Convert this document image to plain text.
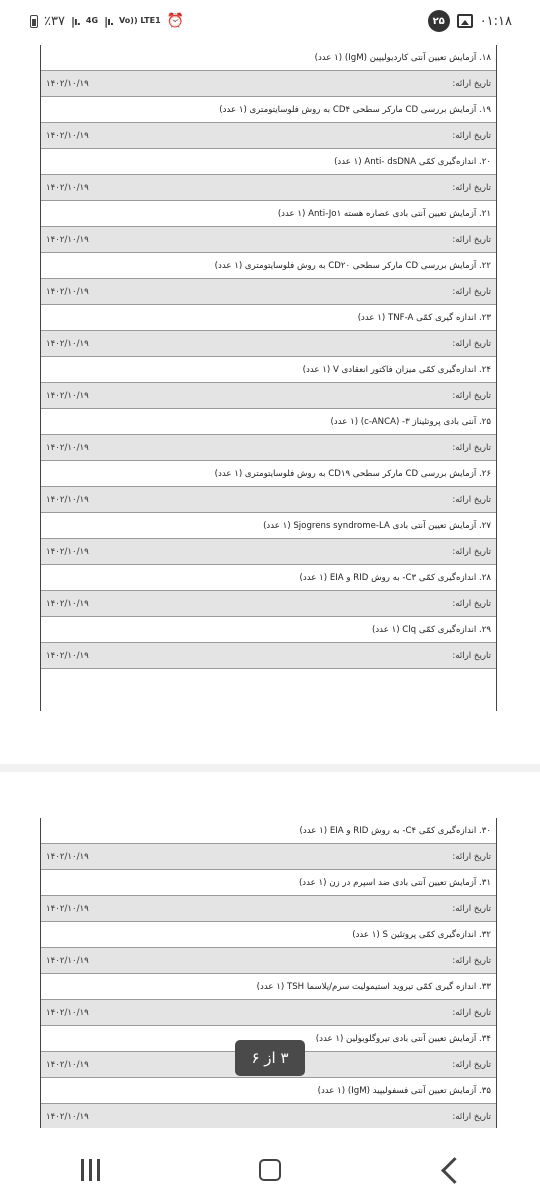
٪۳۷ |ı. 4G |ı. Vo)) LTE1 ⏰	۲۵	۰۱:۱۸
۱۸. آزمایش تعیین آنتی کاردیولیپین (IgM) (۱ عدد)
تاریخ ارائه:
۱۴۰۲/۱۰/۱۹
۱۹. آزمایش بررسی CD مارکر سطحی CD۴ به روش فلوسایتومتری (۱ عدد)
تاریخ ارائه:
۱۴۰۲/۱۰/۱۹
۲۰. اندازه‌گیری کمّی Anti- dsDNA (۱ عدد)
تاریخ ارائه:
۱۴۰۲/۱۰/۱۹
۲۱. آزمایش تعیین آنتی بادی عصاره هسته Anti-Jo۱ (۱ عدد)
تاریخ ارائه:
۱۴۰۲/۱۰/۱۹
۲۲. آزمایش بررسی CD مارکر سطحی CD۲۰ به روش فلوسایتومتری (۱ عدد)
تاریخ ارائه:
۱۴۰۲/۱۰/۱۹
۲۳. اندازه گیری کمّی TNF-A (۱ عدد)
تاریخ ارائه:
۱۴۰۲/۱۰/۱۹
۲۴. اندازه‌گیری کمّی میزان فاکتور انعقادی V (۱ عدد)
تاریخ ارائه:
۱۴۰۲/۱۰/۱۹
۲۵. آنتی بادی پروتئیناز ۳- (c-ANCA) (۱ عدد)
تاریخ ارائه:
۱۴۰۲/۱۰/۱۹
۲۶. آزمایش بررسی CD مارکر سطحی CD۱۹ به روش فلوسایتومتری (۱ عدد)
تاریخ ارائه:
۱۴۰۲/۱۰/۱۹
۲۷. آزمایش تعیین آنتی بادی Sjogrens syndrome-LA (۱ عدد)
تاریخ ارائه:
۱۴۰۲/۱۰/۱۹
۲۸. اندازه‌گیری کمّی C۳- به روش RID و EIA (۱ عدد)
تاریخ ارائه:
۱۴۰۲/۱۰/۱۹
۲۹. اندازه‌گیری کمّی Clq (۱ عدد)
تاریخ ارائه:
۱۴۰۲/۱۰/۱۹
۳۰. اندازه‌گیری کمّی C۴- به روش RID و EIA (۱ عدد)
تاریخ ارائه:
۱۴۰۲/۱۰/۱۹
۳۱. آزمایش تعیین آنتی بادی ضد اسپرم در زن (۱ عدد)
تاریخ ارائه:
۱۴۰۲/۱۰/۱۹
۳۲. اندازه‌گیری کمّی پروتئین S (۱ عدد)
تاریخ ارائه:
۱۴۰۲/۱۰/۱۹
۳۳. اندازه گیری کمّی تیروید استیمولیت سرم/پلاسما TSH (۱ عدد)
تاریخ ارائه:
۱۴۰۲/۱۰/۱۹
۳۴. آزمایش تعیین آنتی بادی تیروگلوبولین (۱ عدد)
تاریخ ارائه:
۱۴۰۲/۱۰/۱۹
۳۵. آزمایش تعیین آنتی فسفولیپید (IgM) (۱ عدد)
تاریخ ارائه:
۱۴۰۲/۱۰/۱۹
۳ از ۶
